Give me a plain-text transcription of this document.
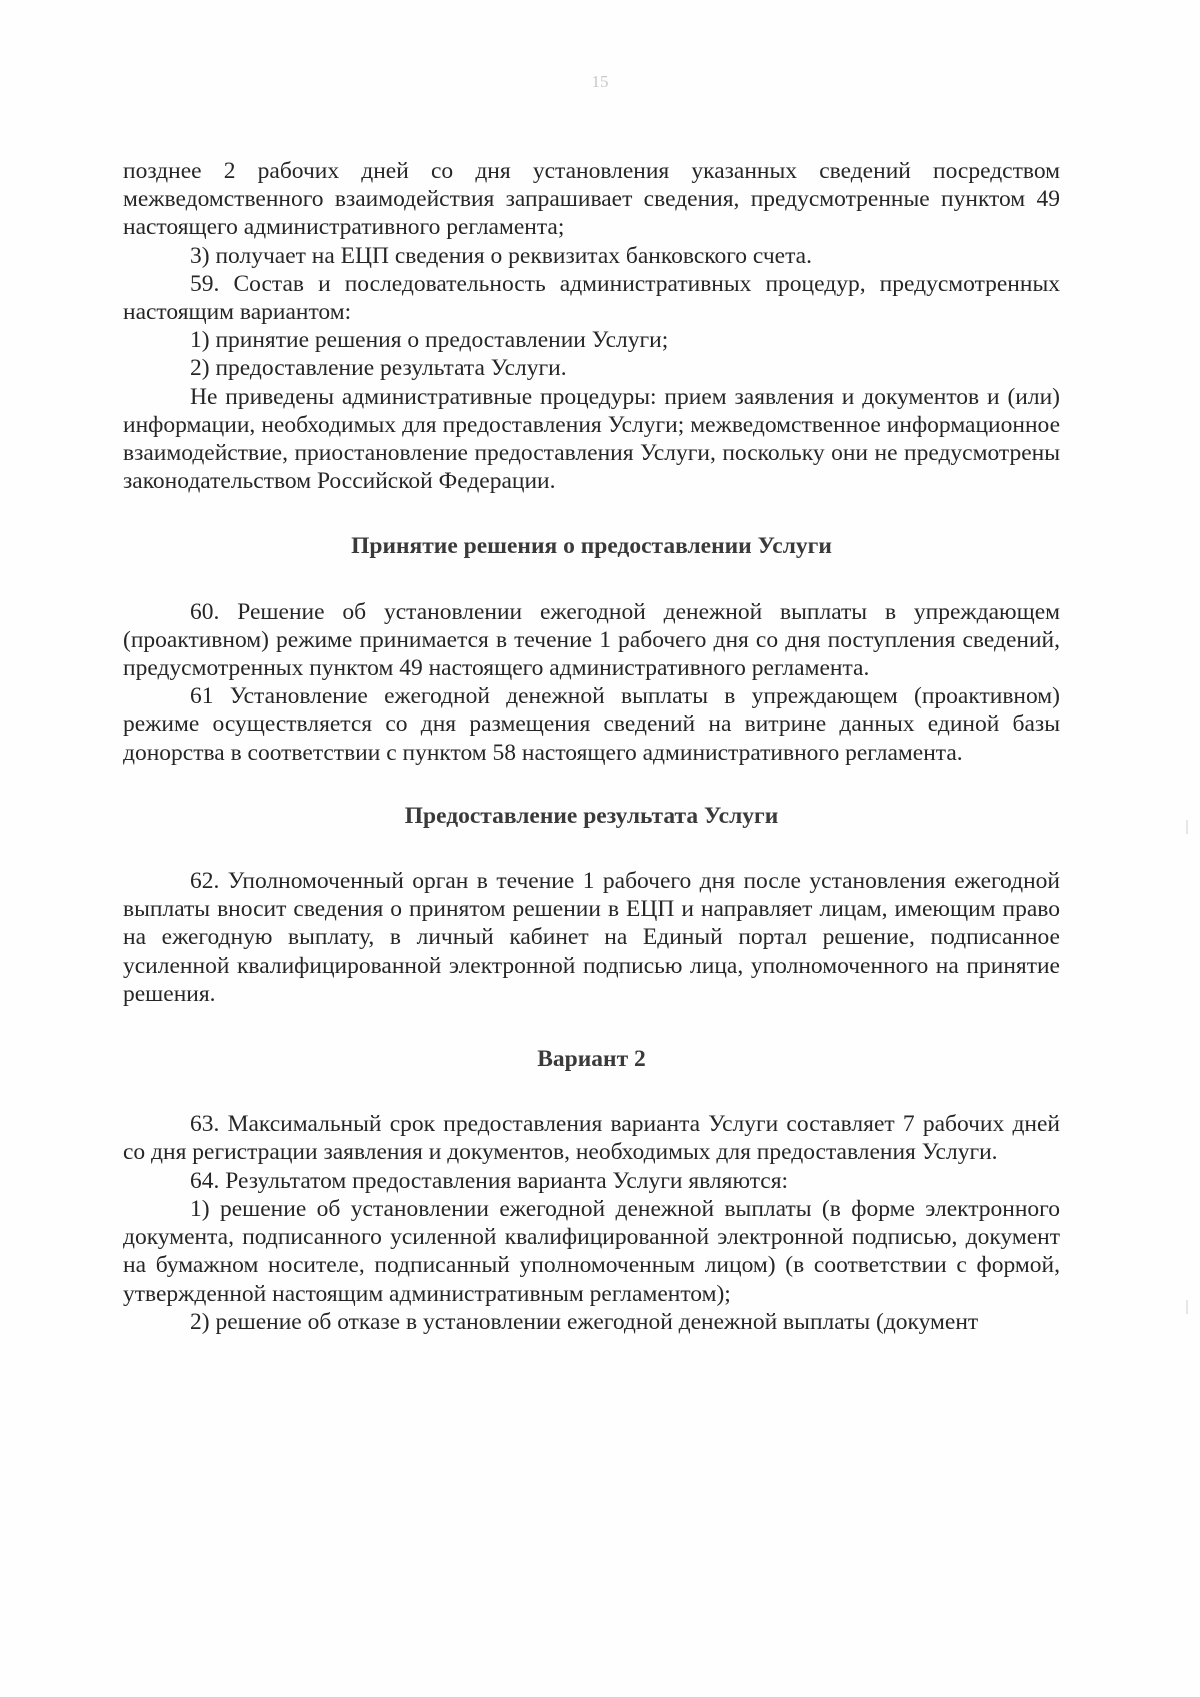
15

позднее 2 рабочих дней со дня установления указанных сведений посредством межведомственного взаимодействия запрашивает сведения, предусмотренные пунктом 49 настоящего административного регламента;

3) получает на ЕЦП сведения о реквизитах банковского счета.

59. Состав и последовательность административных процедур, предусмотренных настоящим вариантом:

1) принятие решения о предоставлении Услуги;

2) предоставление результата Услуги.

Не приведены административные процедуры: прием заявления и документов и (или) информации, необходимых для предоставления Услуги; межведомственное информационное взаимодействие, приостановление предоставления Услуги, поскольку они не предусмотрены законодательством Российской Федерации.

Принятие решения о предоставлении Услуги

60. Решение об установлении ежегодной денежной выплаты в упреждающем (проактивном) режиме принимается в течение 1 рабочего дня со дня поступления сведений, предусмотренных пунктом 49 настоящего административного регламента.

61 Установление ежегодной денежной выплаты в упреждающем (проактивном) режиме осуществляется со дня размещения сведений на витрине данных единой базы донорства в соответствии с пунктом 58 настоящего административного регламента.

Предоставление результата Услуги

62. Уполномоченный орган в течение 1 рабочего дня после установления ежегодной выплаты вносит сведения о принятом решении в ЕЦП и направляет лицам, имеющим право на ежегодную выплату, в личный кабинет на Единый портал решение, подписанное усиленной квалифицированной электронной подписью лица, уполномоченного на принятие решения.

Вариант 2

63. Максимальный срок предоставления варианта Услуги составляет 7 рабочих дней со дня регистрации заявления и документов, необходимых для предоставления Услуги.

64. Результатом предоставления варианта Услуги являются:

1) решение об установлении ежегодной денежной выплаты (в форме электронного документа, подписанного усиленной квалифицированной электронной подписью, документ на бумажном носителе, подписанный уполномоченным лицом) (в соответствии с формой, утвержденной настоящим административным регламентом);

2) решение об отказе в установлении ежегодной денежной выплаты (документ
